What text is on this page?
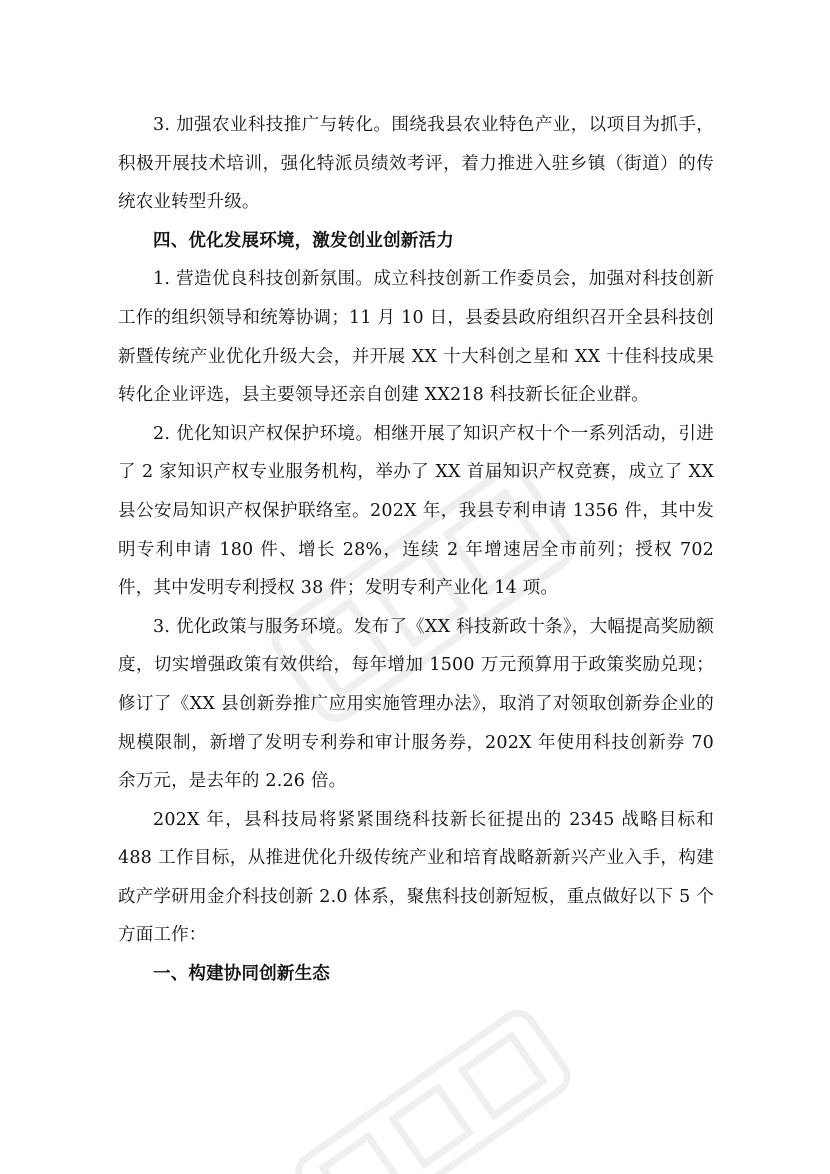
3. 加强农业科技推广与转化。围绕我县农业特色产业，以项目为抓手，积极开展技术培训，强化特派员绩效考评，着力推进入驻乡镇（街道）的传统农业转型升级。

四、优化发展环境，激发创业创新活力

1. 营造优良科技创新氛围。成立科技创新工作委员会，加强对科技创新工作的组织领导和统筹协调；11 月 10 日，县委县政府组织召开全县科技创新暨传统产业优化升级大会，并开展 XX 十大科创之星和 XX 十佳科技成果转化企业评选，县主要领导还亲自创建 XX218 科技新长征企业群。

2. 优化知识产权保护环境。相继开展了知识产权十个一系列活动，引进了 2 家知识产权专业服务机构，举办了 XX 首届知识产权竞赛，成立了 XX 县公安局知识产权保护联络室。202X 年，我县专利申请 1356 件，其中发明专利申请 180 件、增长 28%，连续 2 年增速居全市前列；授权 702 件，其中发明专利授权 38 件；发明专利产业化 14 项。

3. 优化政策与服务环境。发布了《XX 科技新政十条》，大幅提高奖励额度，切实增强政策有效供给，每年增加 1500 万元预算用于政策奖励兑现；修订了《XX 县创新券推广应用实施管理办法》，取消了对领取创新券企业的规模限制，新增了发明专利券和审计服务券，202X 年使用科技创新券 70 余万元，是去年的 2.26 倍。

202X 年，县科技局将紧紧围绕科技新长征提出的 2345 战略目标和 488 工作目标，从推进优化升级传统产业和培育战略新新兴产业入手，构建政产学研用金介科技创新 2.0 体系，聚焦科技创新短板，重点做好以下 5 个方面工作：

一、构建协同创新生态
